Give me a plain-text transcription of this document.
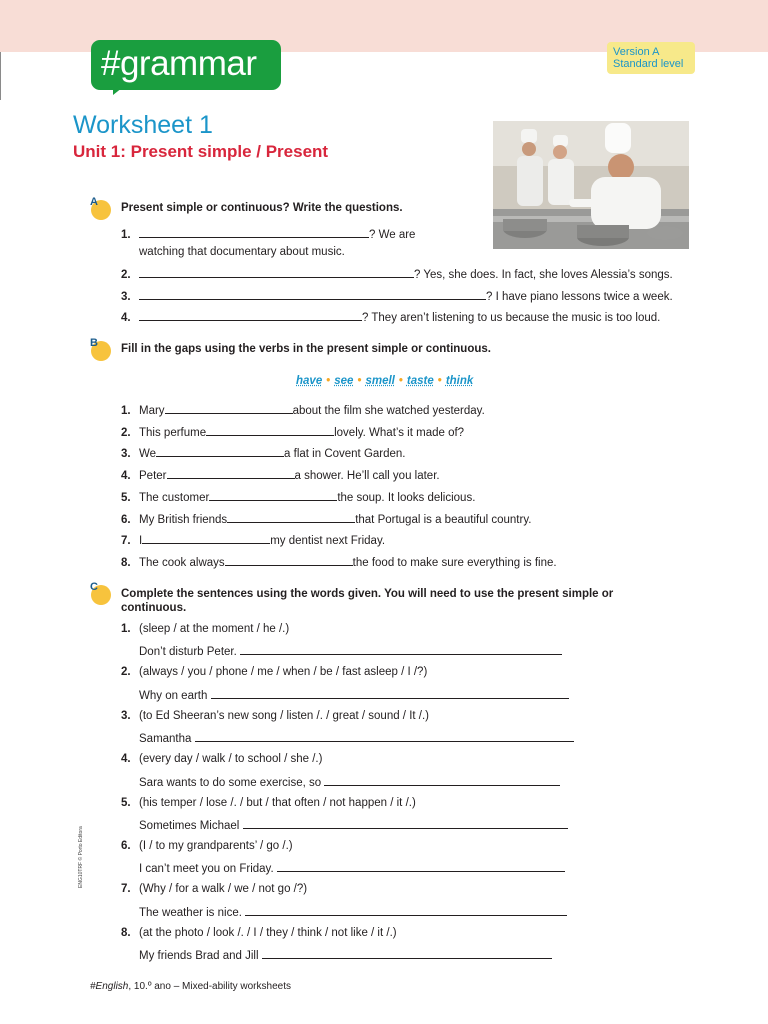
#grammar	Version A
Standard level
Worksheet 1
Unit 1: Present simple / Present
A Present simple or continuous? Write the questions.
1.	? We are
watching that documentary about music.
2.	? Yes, she does. In fact, she loves Alessia’s songs.
3.	? I have piano lessons twice a week.
4.	? They aren’t listening to us because the music is too loud.
B Fill in the gaps using the verbs in the present simple or continuous.
have • see • smell • taste • think
1. Mary	about the film she watched yesterday.
2. This perfume	lovely. What’s it made of?
3. We	a flat in Covent Garden.
4. Peter	a shower. He’ll call you later.
5. The customer	the soup. It looks delicious.
6. My British friends	that Portugal is a beautiful country.
7. I	my dentist next Friday.
8. The cook always	the food to make sure everything is fine.
C
Complete the sentences using the words given. You will need to use the present simple or
continuous.
1. (sleep / at the moment / he /.)
Don’t disturb Peter.
2. (always / you / phone / me / when / be / fast asleep / I /?)
Why on earth
3. (to Ed Sheeran’s new song / listen /. / great / sound / It /.)
Samantha
4. (every day / walk / to school / she /.)
Sara wants to do some exercise, so
5. (his temper / lose /. / but / that often / not happen / it /.)
Sometimes Michael
6. (I / to my grandparents’ / go /.)
I can’t meet you on Friday.
7. (Why / for a walk / we / not go /?)
The weather is nice.
8. (at the photo / look /. / I / they / think / not like / it /.)
My friends Brad and Jill
ENG10TRF © Porto Editora
#English, 10.º ano – Mixed-ability worksheets
